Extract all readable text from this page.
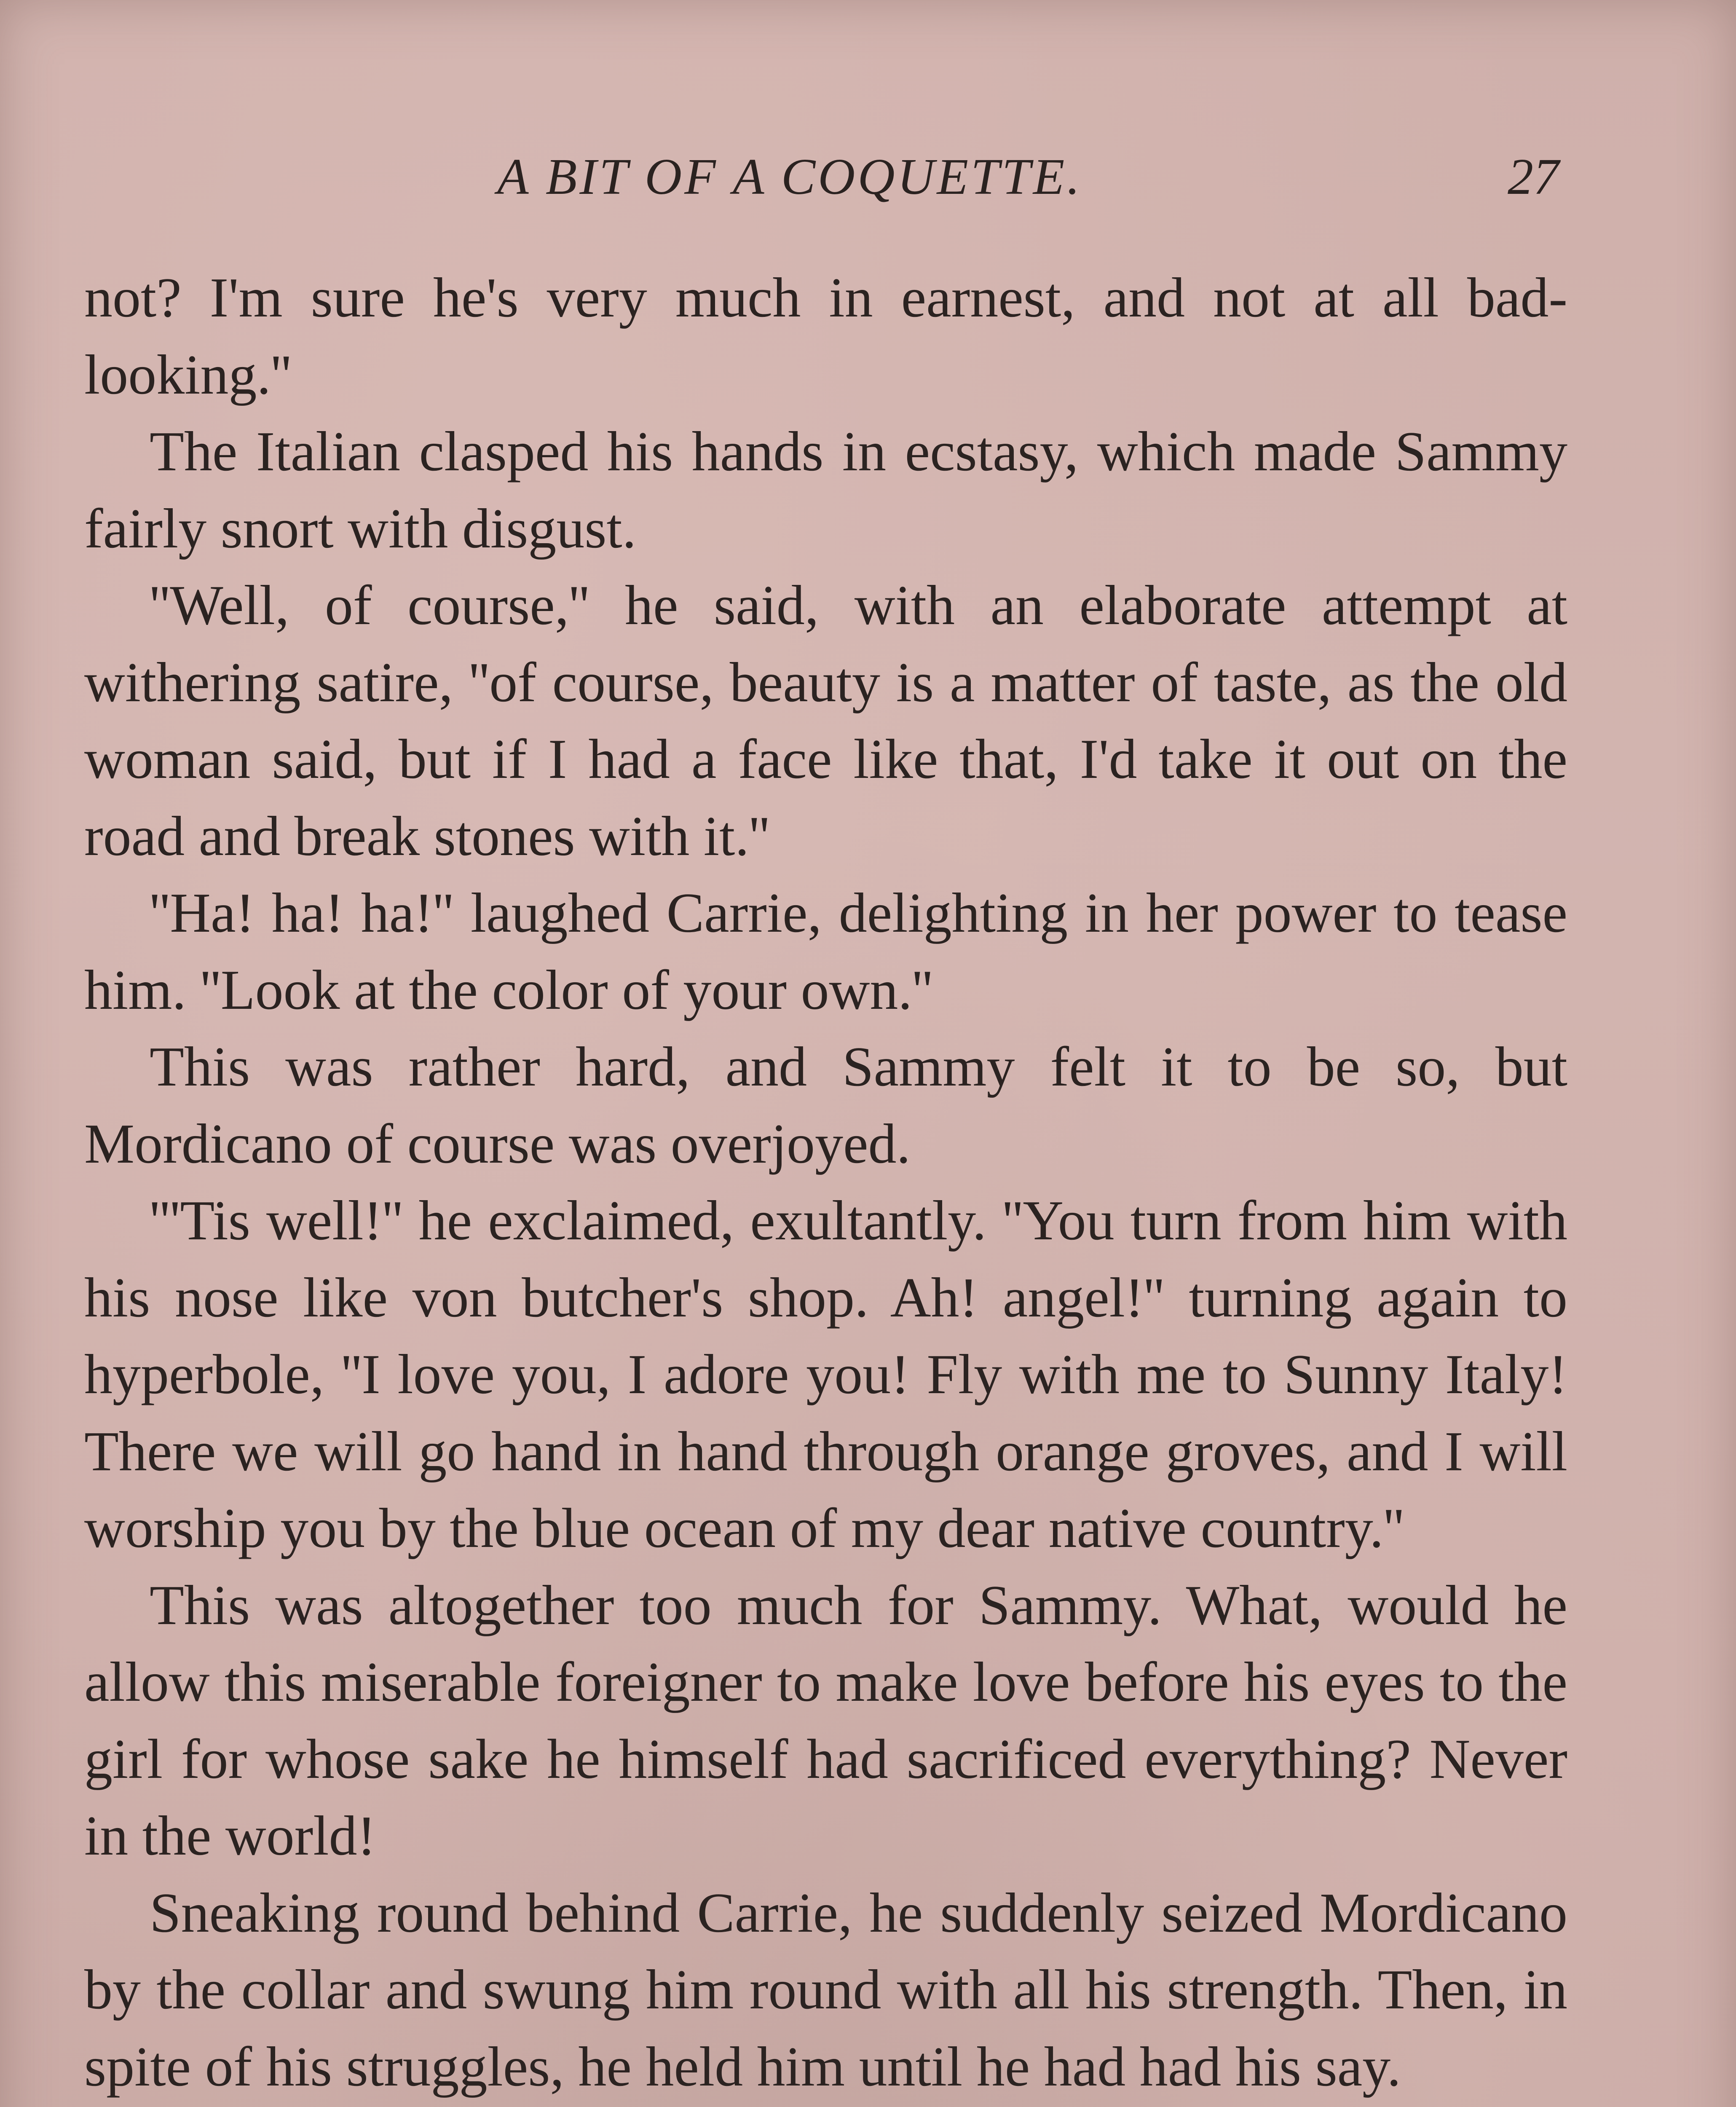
A BIT OF A COQUETTE.	27

not? I'm sure he's very much in earnest, and not at all bad-looking.''

The Italian clasped his hands in ecstasy, which made Sammy fairly snort with disgust.

''Well, of course,'' he said, with an elaborate attempt at withering satire, ''of course, beauty is a matter of taste, as the old woman said, but if I had a face like that, I'd take it out on the road and break stones with it.''

''Ha! ha! ha!'' laughed Carrie, delighting in her power to tease him. ''Look at the color of your own.''

This was rather hard, and Sammy felt it to be so, but Mordicano of course was overjoyed.

'''Tis well!'' he exclaimed, exultantly. ''You turn from him with his nose like von butcher's shop. Ah! angel!'' turning again to hyperbole, ''I love you, I adore you! Fly with me to Sunny Italy! There we will go hand in hand through orange groves, and I will worship you by the blue ocean of my dear native country.''

This was altogether too much for Sammy. What, would he allow this miserable foreigner to make love before his eyes to the girl for whose sake he himself had sacrificed everything? Never in the world!

Sneaking round behind Carrie, he suddenly seized Mordicano by the collar and swung him round with all his strength. Then, in spite of his struggles, he held him until he had had his say.
